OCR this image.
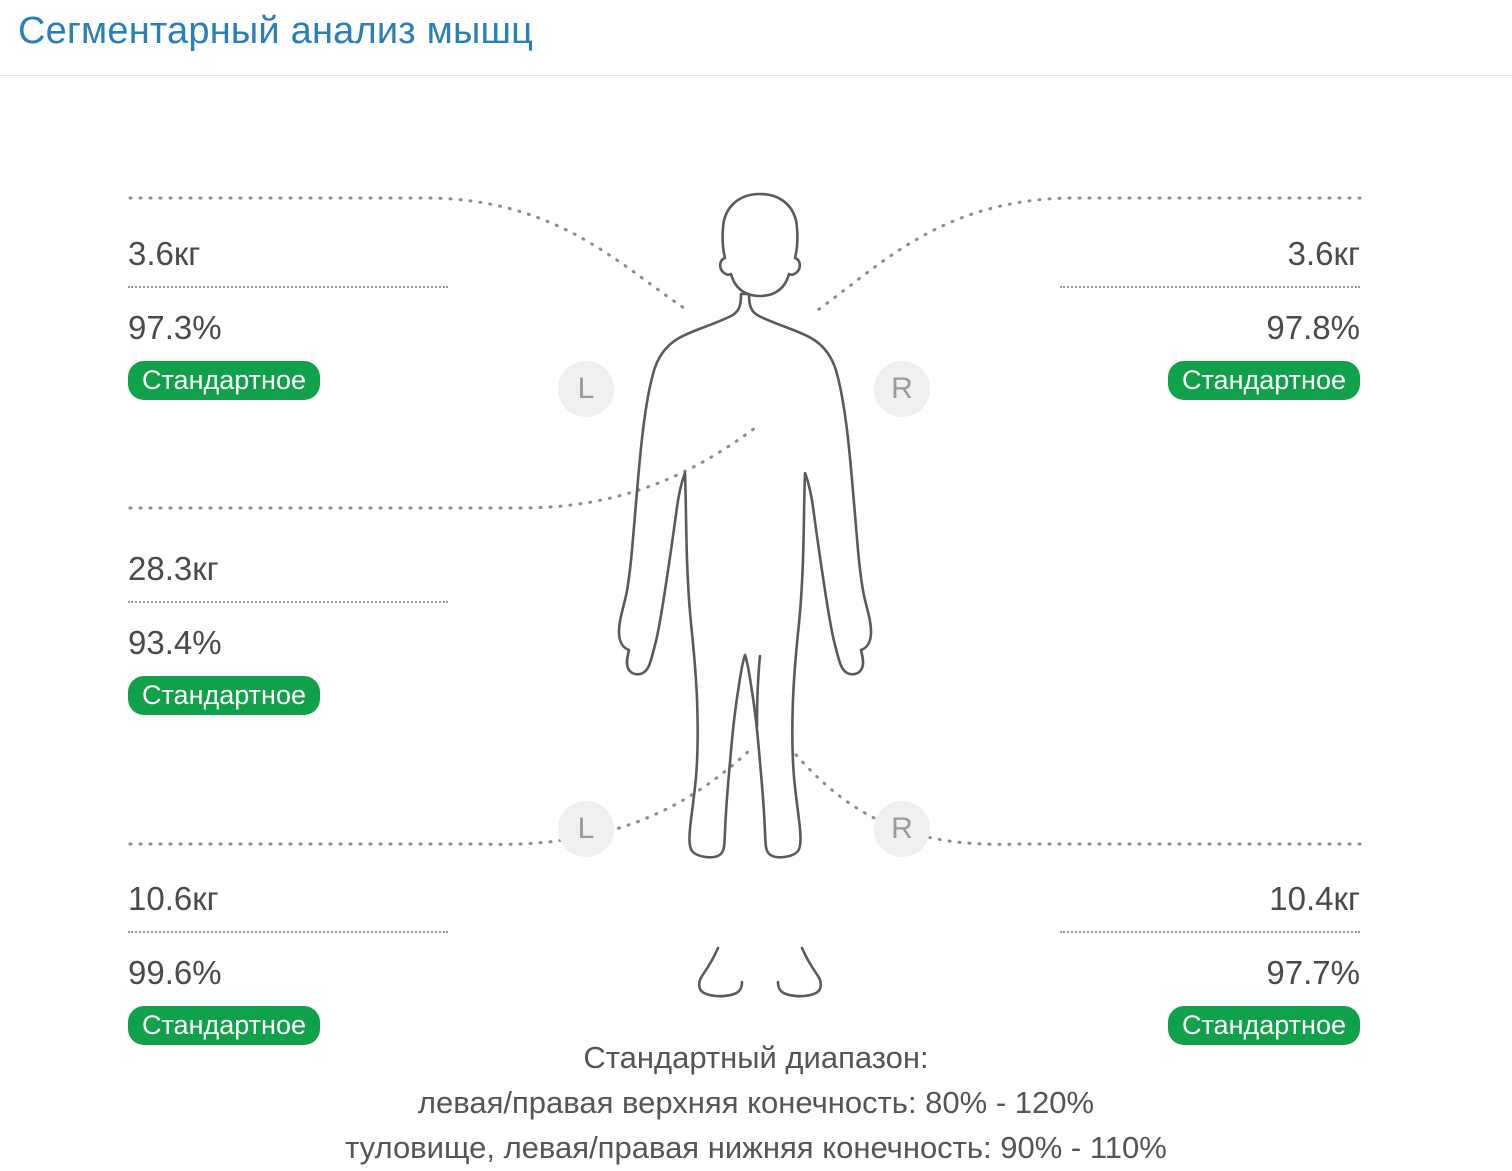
Сегментарный анализ мышц
L	R
L	R
3.6кг
97.3%
Стандартное
3.6кг
97.8%
Стандартное
28.3кг
93.4%
Стандартное
10.6кг
99.6%
Стандартное
10.4кг
97.7%
Стандартное
Стандартный диапазон:
левая/правая верхняя конечность: 80% - 120%
туловище, левая/правая нижняя конечность: 90% - 110%
